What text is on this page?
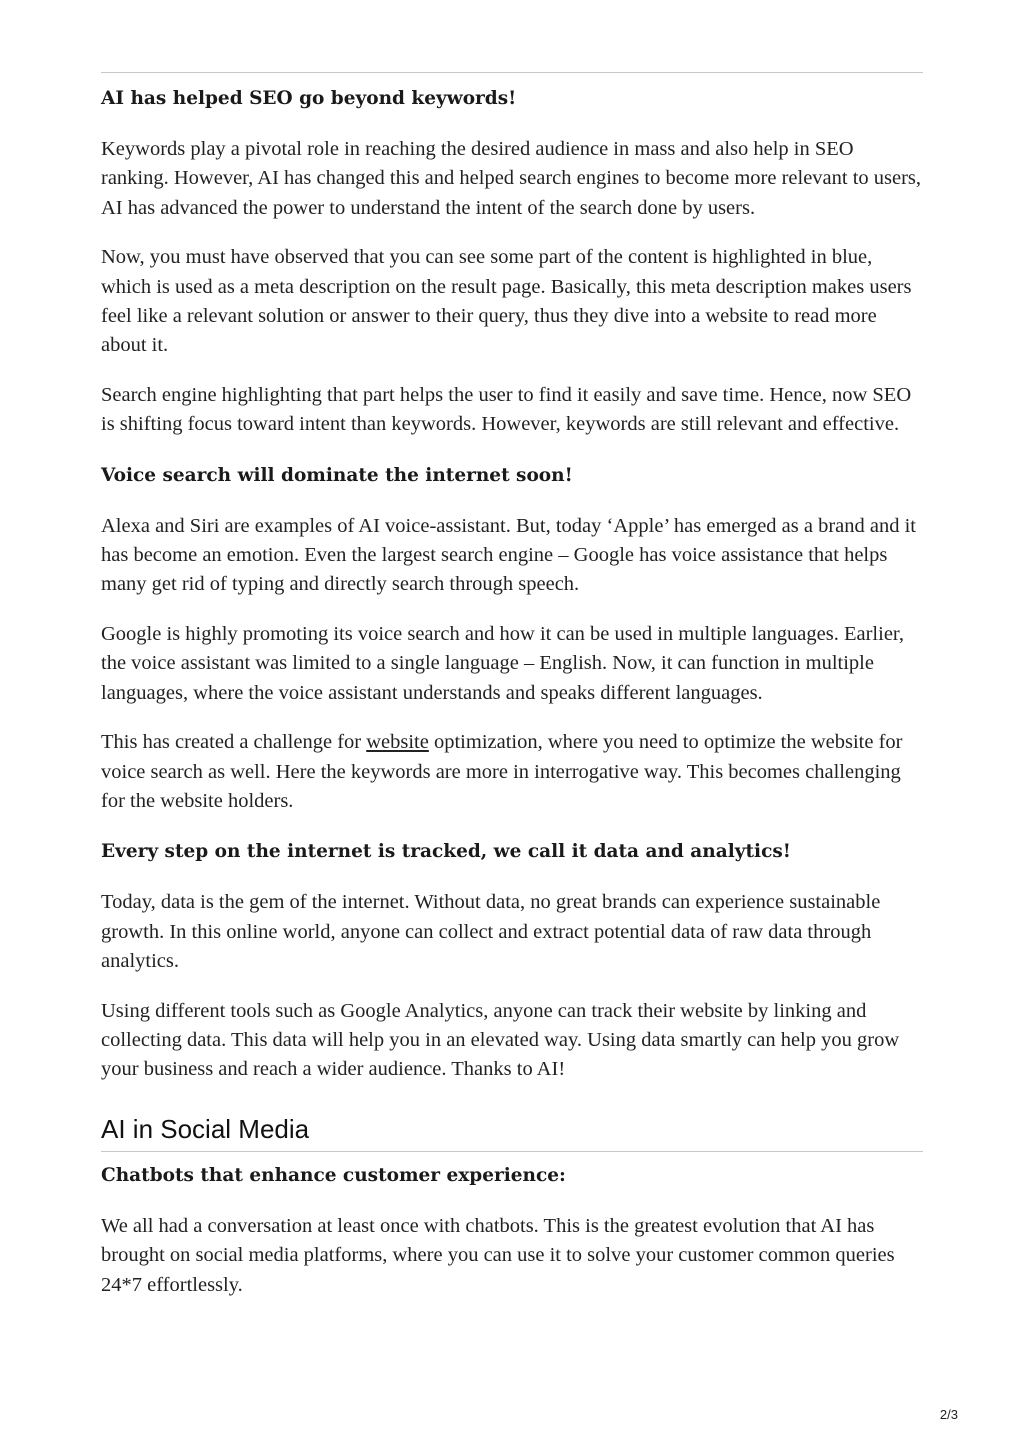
AI has helped SEO go beyond keywords!

Keywords play a pivotal role in reaching the desired audience in mass and also help in SEO ranking. However, AI has changed this and helped search engines to become more relevant to users, AI has advanced the power to understand the intent of the search done by users.

Now, you must have observed that you can see some part of the content is highlighted in blue, which is used as a meta description on the result page. Basically, this meta description makes users feel like a relevant solution or answer to their query, thus they dive into a website to read more about it.

Search engine highlighting that part helps the user to find it easily and save time. Hence, now SEO is shifting focus toward intent than keywords. However, keywords are still relevant and effective.

Voice search will dominate the internet soon!

Alexa and Siri are examples of AI voice-assistant. But, today ‘Apple’ has emerged as a brand and it has become an emotion. Even the largest search engine – Google has voice assistance that helps many get rid of typing and directly search through speech.

Google is highly promoting its voice search and how it can be used in multiple languages. Earlier, the voice assistant was limited to a single language – English. Now, it can function in multiple languages, where the voice assistant understands and speaks different languages.

This has created a challenge for website optimization, where you need to optimize the website for voice search as well. Here the keywords are more in interrogative way. This becomes challenging for the website holders.

Every step on the internet is tracked, we call it data and analytics!

Today, data is the gem of the internet. Without data, no great brands can experience sustainable growth. In this online world, anyone can collect and extract potential data of raw data through analytics.

Using different tools such as Google Analytics, anyone can track their website by linking and collecting data. This data will help you in an elevated way. Using data smartly can help you grow your business and reach a wider audience. Thanks to AI!

AI in Social Media
Chatbots that enhance customer experience:

We all had a conversation at least once with chatbots. This is the greatest evolution that AI has brought on social media platforms, where you can use it to solve your customer common queries 24*7 effortlessly.

2/3
